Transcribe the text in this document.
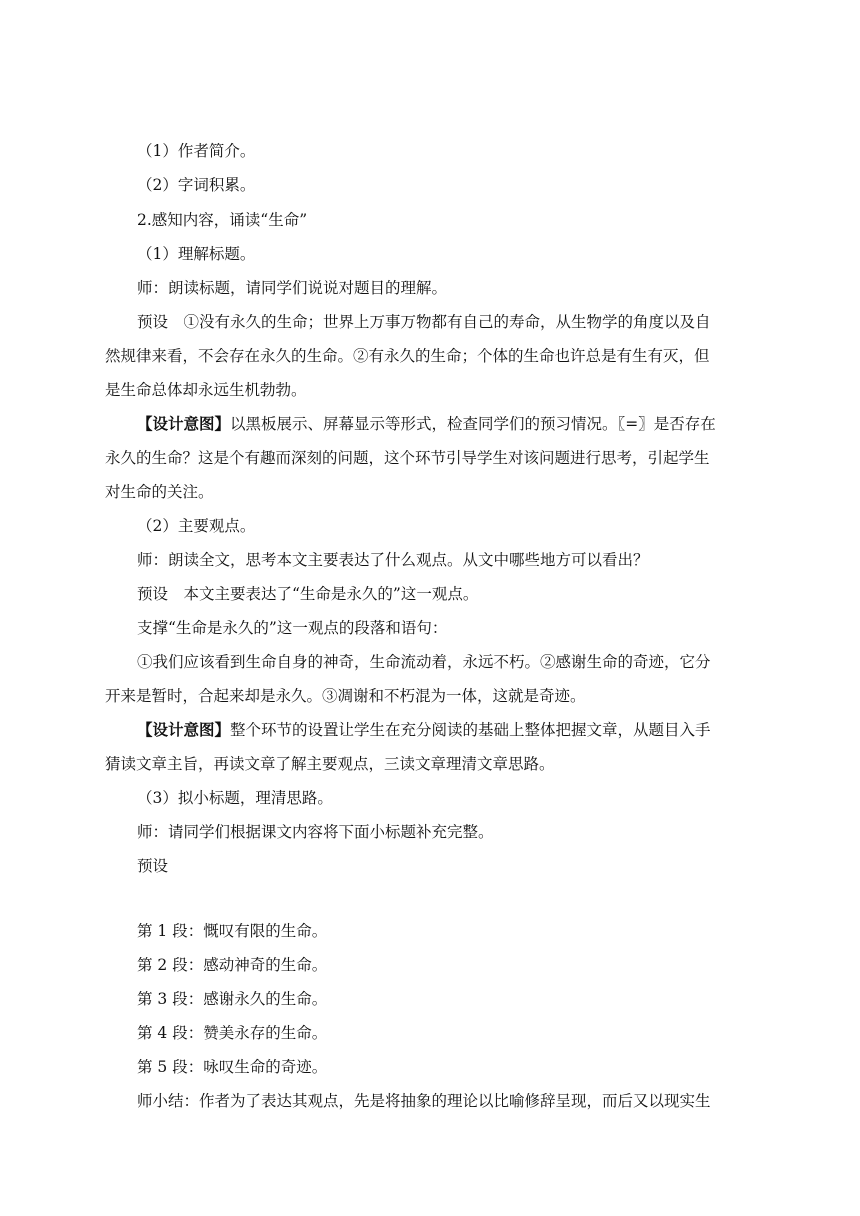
（1）作者简介。
（2）字词积累。
2.感知内容，诵读“生命”
（1）理解标题。
师：朗读标题，请同学们说说对题目的理解。
预设　①没有永久的生命；世界上万事万物都有自己的寿命，从生物学的角度以及自
然规律来看，不会存在永久的生命。②有永久的生命；个体的生命也许总是有生有灭，但
是生命总体却永远生机勃勃。
【设计意图】以黑板展示、屏幕显示等形式，检查同学们的预习情况。〖=〗是否存在
永久的生命？这是个有趣而深刻的问题，这个环节引导学生对该问题进行思考，引起学生
对生命的关注。
（2）主要观点。
师：朗读全文，思考本文主要表达了什么观点。从文中哪些地方可以看出？
预设　本文主要表达了“生命是永久的”这一观点。
支撑“生命是永久的”这一观点的段落和语句：
①我们应该看到生命自身的神奇，生命流动着，永远不朽。②感谢生命的奇迹，它分
开来是暂时，合起来却是永久。③凋谢和不朽混为一体，这就是奇迹。
【设计意图】整个环节的设置让学生在充分阅读的基础上整体把握文章，从题目入手
猜读文章主旨，再读文章了解主要观点，三读文章理清文章思路。
（3）拟小标题，理清思路。
师：请同学们根据课文内容将下面小标题补充完整。
预设
第 1 段：慨叹有限的生命。
第 2 段：感动神奇的生命。
第 3 段：感谢永久的生命。
第 4 段：赞美永存的生命。
第 5 段：咏叹生命的奇迹。
师小结：作者为了表达其观点，先是将抽象的理论以比喻修辞呈现，而后又以现实生
